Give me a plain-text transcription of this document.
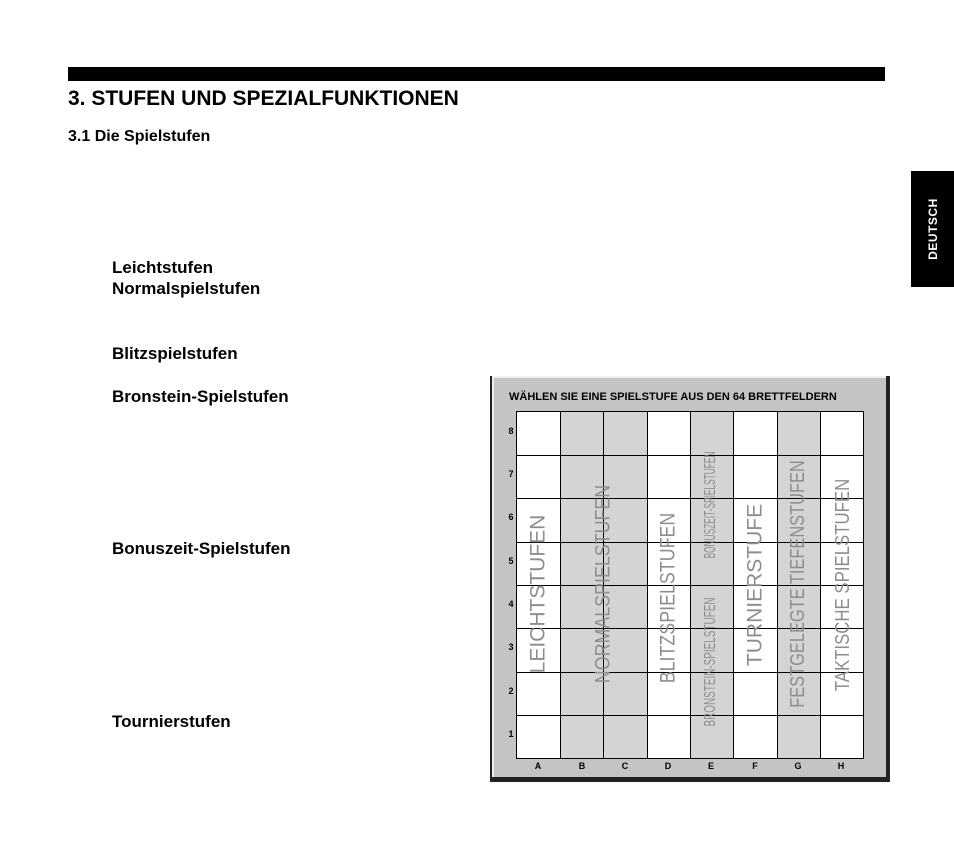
3. STUFEN UND SPEZIALFUNKTIONEN
3.1 Die Spielstufen
DEUTSCH
Leichtstufen
Normalspielstufen
Blitzspielstufen
Bronstein-Spielstufen
Bonuszeit-Spielstufen
Tournierstufen
WÄHLEN SIE EINE SPIELSTUFE AUS DEN 64 BRETTFELDERN
LEICHTSTUFEN NORMALSPIELSTUFEN BLITZSPIELSTUFEN BRONSTEIN-SPIELSTUFEN
BONUSZEIT-SPIELSTUFEN TURNIERSTUFE FESTGELEGTE TIEFENSTUFEN TAKTISCHE SPIELSTUFEN
8
7
6
5
4
3
2
1
A	B	C	D	E	F	G	H
